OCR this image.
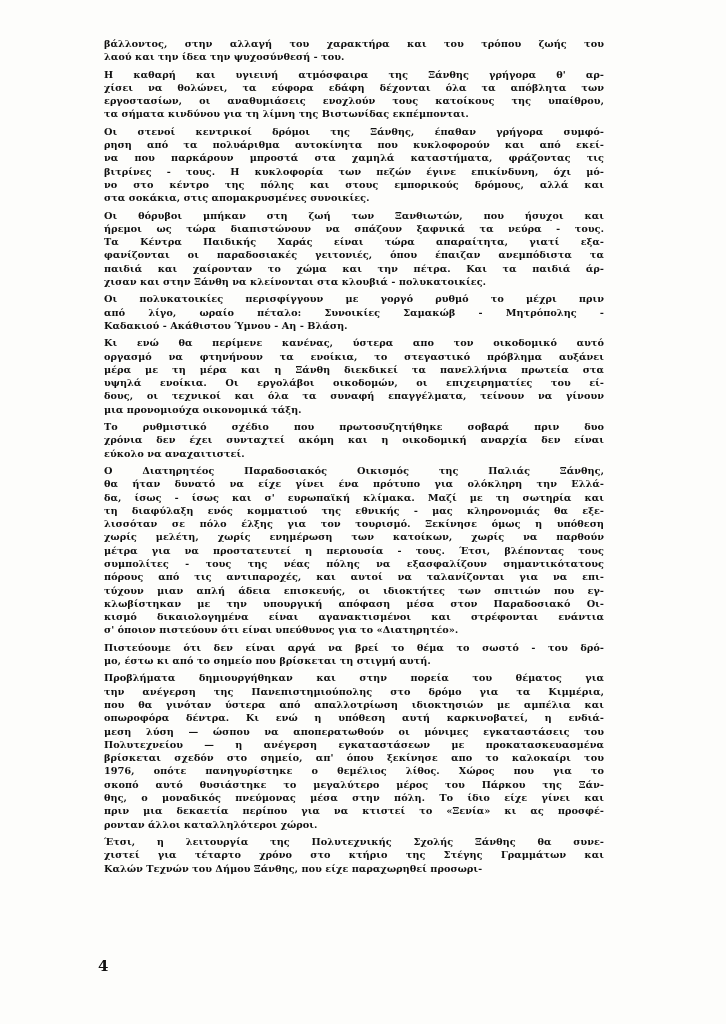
βάλλοντος, στην αλλαγή του χαρακτήρα και του τρόπου ζωής του
λαού και την ίδεα την ψυχοσύνθεσή - του.
Η καθαρή και υγιεινή ατμόσφαιρα της Ξάνθης γρήγορα θ' αρ-
χίσει να θολώνει, τα εύφορα εδάφη δέχονται όλα τα απόβλητα των
εργοστασίων, οι αναθυμιάσεις ενοχλούν τους κατοίκους της υπαίθρου,
τα σήματα κινδύνου για τη λίμνη της Βιστωνίδας εκπέμπονται.
Οι στενοί κεντρικοί δρόμοι της Ξάνθης, έπαθαν γρήγορα συμφό-
ρηση από τα πολυάριθμα αυτοκίνητα που κυκλοφορούν και από εκεί-
να που παρκάρουν μπροστά στα χαμηλά καταστήματα, φράζοντας τις
βιτρίνες - τους. Η κυκλοφορία των πεζών έγινε επικίνδυνη, όχι μό-
νο στο κέντρο της πόλης και στους εμπορικούς δρόμους, αλλά και
στα σοκάκια, στις απομακρυσμένες συνοικίες.
Οι θόρυβοι μπήκαν στη ζωή των Ξανθιωτών, που ήσυχοι και
ήρεμοι ως τώρα διαπιστώνουν να σπάζουν ξαφνικά τα νεύρα - τους.
Τα Κέντρα Παιδικής Χαράς είναι τώρα απαραίτητα, γιατί εξα-
φανίζονται οι παραδοσιακές γειτονιές, όπου έπαιζαν ανεμπόδιστα τα
παιδιά και χαίρονταν το χώμα και την πέτρα. Και τα παιδιά άρ-
χισαν και στην Ξάνθη να κλείνονται στα κλουβιά - πολυκατοικίες.
Οι πολυκατοικίες περισφίγγουν με γοργό ρυθμό το μέχρι πριν
από λίγο, ωραίο πέταλο: Συνοικίες Σαμακώβ - Μητρόπολης -
Καδακιού - Ακάθιστου Ύμνου - Αη - Βλάση.
Κι ενώ θα περίμενε κανένας, ύστερα απο τον οικοδομικό αυτό
οργασμό να φτηνήνουν τα ενοίκια, το στεγαστικό πρόβλημα αυξάνει
μέρα με τη μέρα και η Ξάνθη διεκδικεί τα πανελλήνια πρωτεία στα
υψηλά ενοίκια. Οι εργολάβοι οικοδομών, οι επιχειρηματίες του εί-
δους, οι τεχνικοί και όλα τα συναφή επαγγέλματα, τείνουν να γίνουν
μια προνομιούχα οικονομικά τάξη.
Το ρυθμιστικό σχέδιο που πρωτοσυζητήθηκε σοβαρά πριν δυο
χρόνια δεν έχει συνταχτεί ακόμη και η οικοδομική αναρχία δεν είναι
εύκολο να αναχαιτιστεί.
Ο Διατηρητέος Παραδοσιακός Οικισμός της Παλιάς Ξάνθης,
θα ήταν δυνατό να είχε γίνει ένα πρότυπο για ολόκληρη την Ελλά-
δα, ίσως - ίσως και σ' ευρωπαϊκή κλίμακα. Μαζί με τη σωτηρία και
τη διαφύλαξη ενός κομματιού της εθνικής - μας κληρονομιάς θα εξε-
λισσόταν σε πόλο έλξης για τον τουρισμό. Ξεκίνησε όμως η υπόθεση
χωρίς μελέτη, χωρίς ενημέρωση των κατοίκων, χωρίς να παρθούν
μέτρα για να προστατευτεί η περιουσία - τους. Έτσι, βλέποντας τους
συμπολίτες - τους της νέας πόλης να εξασφαλίζουν σημαντικότατους
πόρους από τις αντιπαροχές, και αυτοί να ταλανίζονται για να επι-
τύχουν μιαν απλή άδεια επισκευής, οι ιδιοκτήτες των σπιτιών που εγ-
κλωβίστηκαν με την υπουργική απόφαση μέσα στον Παραδοσιακό Οι-
κισμό δικαιολογημένα είναι αγανακτισμένοι και στρέφονται ενάντια
σ' όποιον πιστεύουν ότι είναι υπεύθυνος για το «Διατηρητέο».
Πιστεύουμε ότι δεν είναι αργά να βρεί το θέμα το σωστό - του δρό-
μο, έστω κι από το σημείο που βρίσκεται τη στιγμή αυτή.
Προβλήματα δημιουργήθηκαν και στην πορεία του θέματος για
την ανέγερση της Πανεπιστημιούπολης στο δρόμο για τα Κιμμέρια,
που θα γινόταν ύστερα από απαλλοτρίωση ιδιοκτησιών με αμπέλια και
οπωροφόρα δέντρα. Κι ενώ η υπόθεση αυτή καρκινοβατεί, η ενδιά-
μεση λύση — ώσπου να αποπερατωθούν οι μόνιμες εγκαταστάσεις του
Πολυτεχνείου — η ανέγερση εγκαταστάσεων με προκατασκευασμένα
βρίσκεται σχεδόν στο σημείο, απ' όπου ξεκίνησε απο το καλοκαίρι του
1976, οπότε πανηγυρίστηκε ο θεμέλιος λίθος. Χώρος που για το
σκοπό αυτό θυσιάστηκε το μεγαλύτερο μέρος του Πάρκου της Ξάν-
θης, ο μοναδικός πνεύμονας μέσα στην πόλη. Το ίδιο είχε γίνει και
πριν μια δεκαετία περίπου για να κτιστεί το «Ξενία» κι ας προσφέ-
ρονταν άλλοι καταλληλότεροι χώροι.
Έτσι, η λειτουργία της Πολυτεχνικής Σχολής Ξάνθης θα συνε-
χιστεί για τέταρτο χρόνο στο κτήριο της Στέγης Γραμμάτων και
Καλών Τεχνών του Δήμου Ξάνθης, που είχε παραχωρηθεί προσωρι-
4
